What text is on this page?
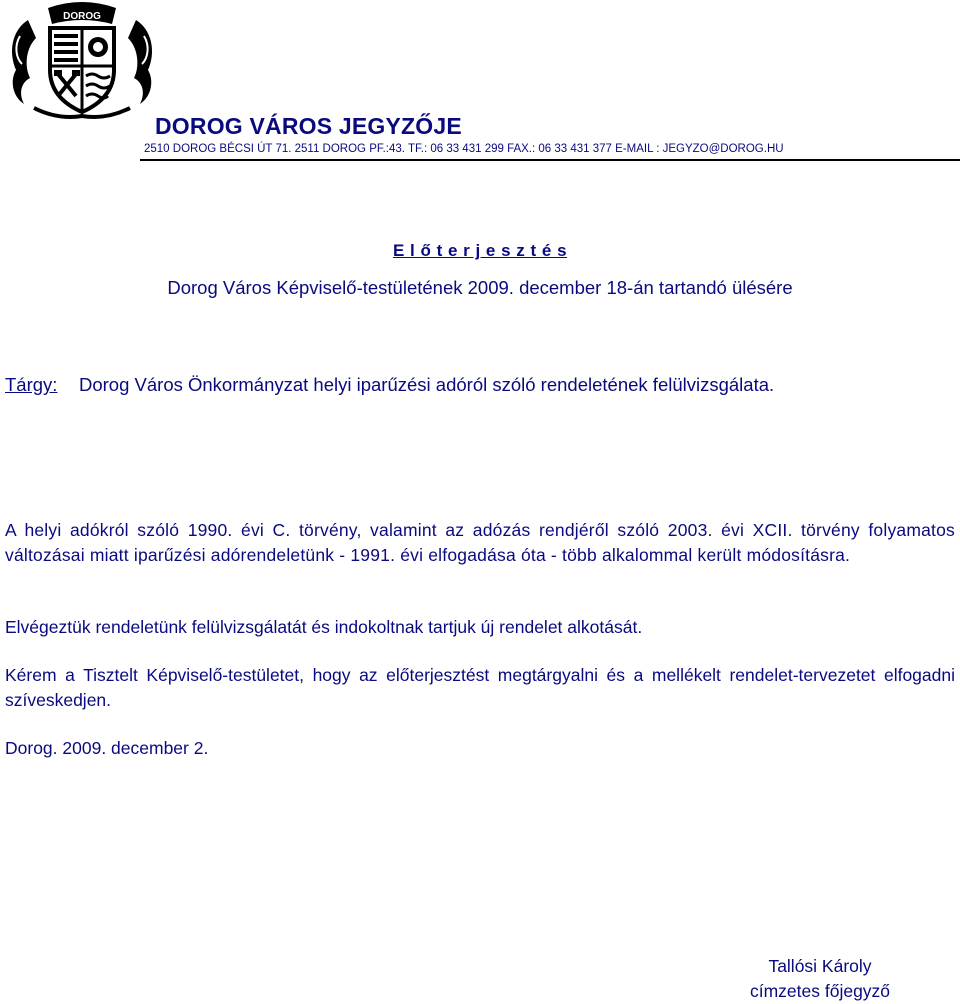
DOROG
DOROG VÁROS JEGYZŐJE
2510 DOROG BÉCSI ÚT 71. 2511 DOROG PF.:43. TF.: 06 33 431 299 FAX.: 06 33 431 377 E-MAIL : JEGYZO@DOROG.HU
E l ő t e r j e s z t é s
Dorog Város Képviselő-testületének 2009. december 18-án tartandó ülésére
Tárgy: Dorog Város Önkormányzat helyi iparűzési adóról szóló rendeletének felülvizsgálata.

A helyi adókról szóló 1990. évi C. törvény, valamint az adózás rendjéről szóló 2003. évi XCII. törvény folyamatos változásai miatt iparűzési adórendeletünk - 1991. évi elfogadása óta - több alkalommal került módosításra.

Elvégeztük rendeletünk felülvizsgálatát és indokoltnak tartjuk új rendelet alkotását.

Kérem a Tisztelt Képviselő-testületet, hogy az előterjesztést megtárgyalni és a mellékelt rendelet-tervezetet elfogadni szíveskedjen.

Dorog. 2009. december 2.

Tallósi Károly
címzetes főjegyző
